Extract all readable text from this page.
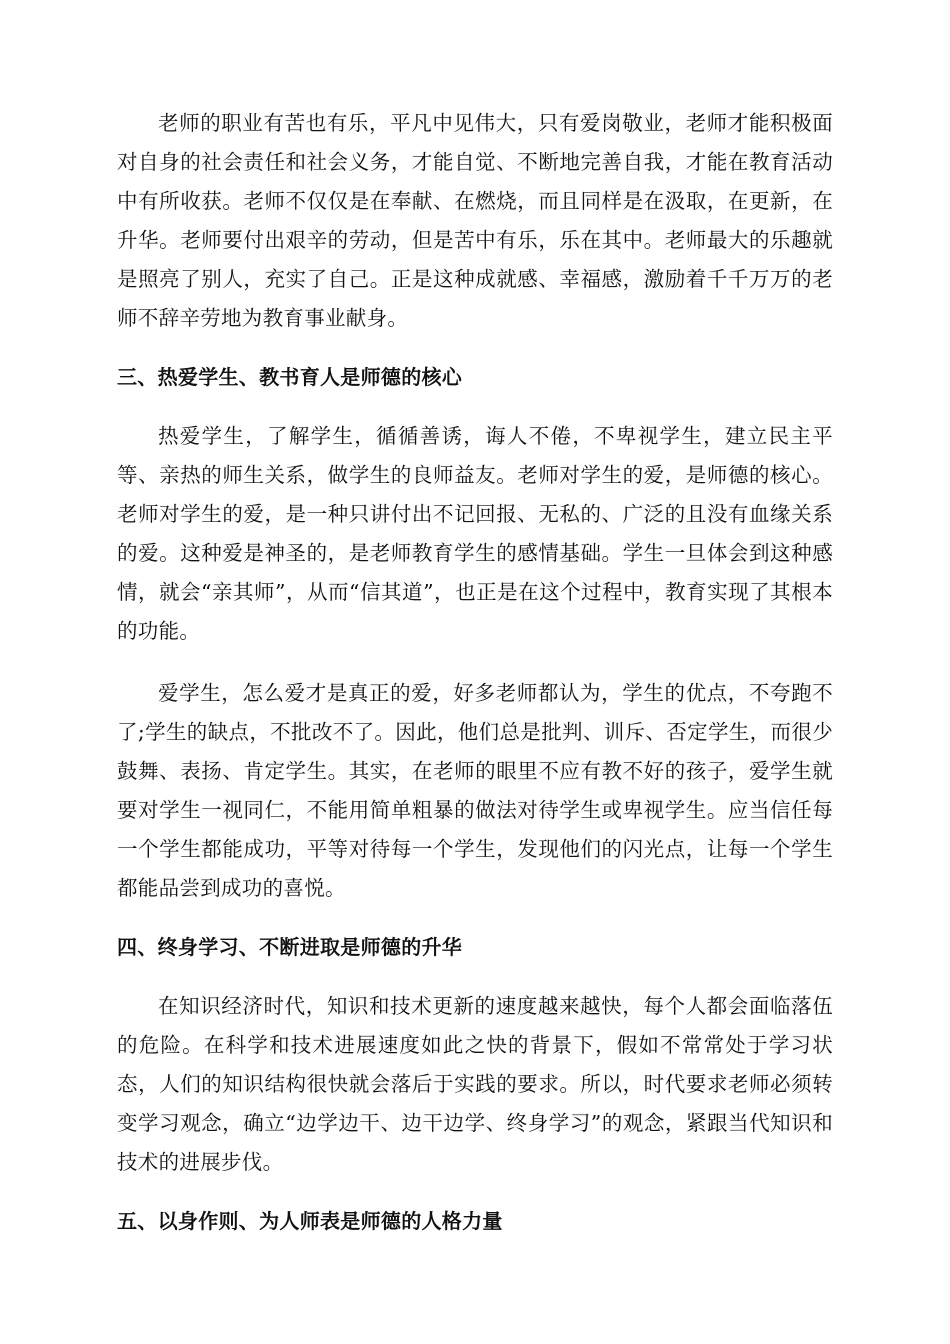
老师的职业有苦也有乐，平凡中见伟大，只有爱岗敬业，老师才能积极面对自身的社会责任和社会义务，才能自觉、不断地完善自我，才能在教育活动中有所收获。老师不仅仅是在奉献、在燃烧，而且同样是在汲取，在更新，在升华。老师要付出艰辛的劳动，但是苦中有乐，乐在其中。老师最大的乐趣就是照亮了别人，充实了自己。正是这种成就感、幸福感，激励着千千万万的老师不辞辛劳地为教育事业献身。

三、热爱学生、教书育人是师德的核心

热爱学生，了解学生，循循善诱，诲人不倦，不卑视学生，建立民主平等、亲热的师生关系，做学生的良师益友。老师对学生的爱，是师德的核心。老师对学生的爱，是一种只讲付出不记回报、无私的、广泛的且没有血缘关系的爱。这种爱是神圣的，是老师教育学生的感情基础。学生一旦体会到这种感情，就会“亲其师”，从而“信其道”，也正是在这个过程中，教育实现了其根本的功能。

爱学生，怎么爱才是真正的爱，好多老师都认为，学生的优点，不夸跑不了;学生的缺点，不批改不了。因此，他们总是批判、训斥、否定学生，而很少鼓舞、表扬、肯定学生。其实，在老师的眼里不应有教不好的孩子，爱学生就要对学生一视同仁，不能用简单粗暴的做法对待学生或卑视学生。应当信任每一个学生都能成功，平等对待每一个学生，发现他们的闪光点，让每一个学生都能品尝到成功的喜悦。

四、终身学习、不断进取是师德的升华

在知识经济时代，知识和技术更新的速度越来越快，每个人都会面临落伍的危险。在科学和技术进展速度如此之快的背景下，假如不常常处于学习状态，人们的知识结构很快就会落后于实践的要求。所以，时代要求老师必须转变学习观念，确立“边学边干、边干边学、终身学习”的观念，紧跟当代知识和技术的进展步伐。

五、以身作则、为人师表是师德的人格力量
